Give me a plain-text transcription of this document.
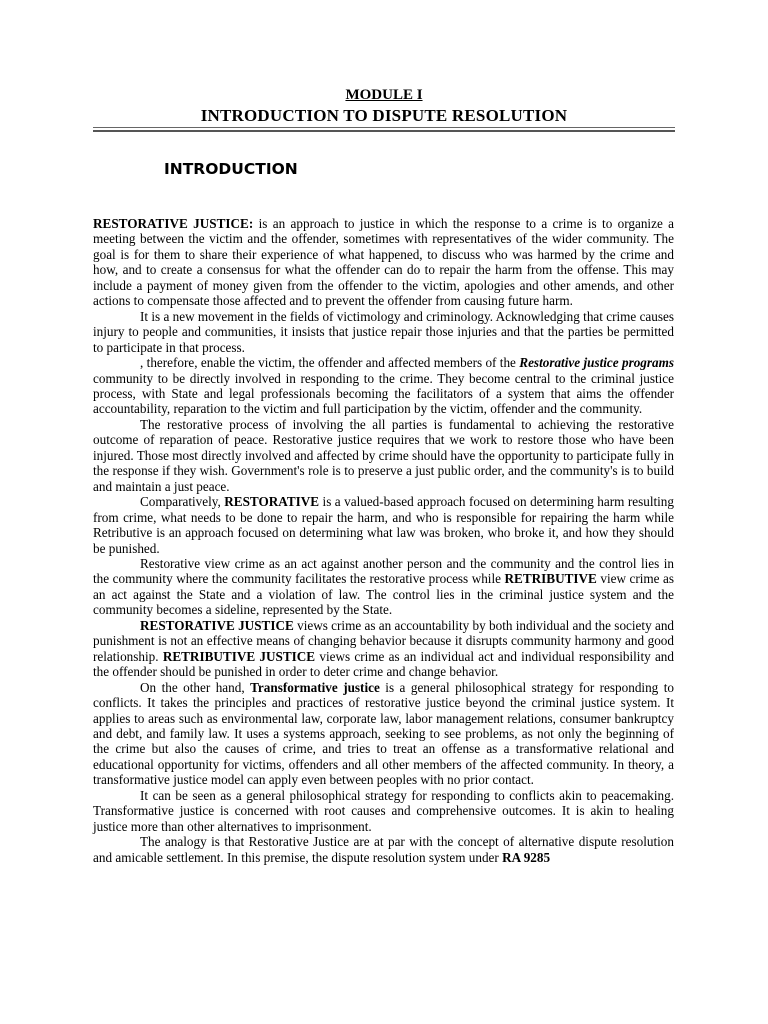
MODULE I

INTRODUCTION TO DISPUTE RESOLUTION

INTRODUCTION

RESTORATIVE JUSTICE: is an approach to justice in which the response to a crime is to organize a meeting between the victim and the offender, sometimes with representatives of the wider community. The goal is for them to share their experience of what happened, to discuss who was harmed by the crime and how, and to create a consensus for what the offender can do to repair the harm from the offense. This may include a payment of money given from the offender to the victim, apologies and other amends, and other actions to compensate those affected and to prevent the offender from causing future harm.

It is a new movement in the fields of victimology and criminology. Acknowledging that crime causes injury to people and communities, it insists that justice repair those injuries and that the parties be permitted to participate in that process.

, therefore, enable the victim, the offender and affected members of the Restorative justice programs community to be directly involved in responding to the crime. They become central to the criminal justice process, with State and legal professionals becoming the facilitators of a system that aims the offender accountability, reparation to the victim and full participation by the victim, offender and the community.

The restorative process of involving the all parties is fundamental to achieving the restorative outcome of reparation of peace. Restorative justice requires that we work to restore those who have been injured. Those most directly involved and affected by crime should have the opportunity to participate fully in the response if they wish. Government's role is to preserve a just public order, and the community's is to build and maintain a just peace.

Comparatively, RESTORATIVE is a valued-based approach focused on determining harm resulting from crime, what needs to be done to repair the harm, and who is responsible for repairing the harm while Retributive is an approach focused on determining what law was broken, who broke it, and how they should be punished.

Restorative view crime as an act against another person and the community and the control lies in the community where the community facilitates the restorative process while RETRIBUTIVE view crime as an act against the State and a violation of law. The control lies in the criminal justice system and the community becomes a sideline, represented by the State.

RESTORATIVE JUSTICE views crime as an accountability by both individual and the society and punishment is not an effective means of changing behavior because it disrupts community harmony and good relationship. RETRIBUTIVE JUSTICE views crime as an individual act and individual responsibility and the offender should be punished in order to deter crime and change behavior.

On the other hand, Transformative justice is a general philosophical strategy for responding to conflicts. It takes the principles and practices of restorative justice beyond the criminal justice system. It applies to areas such as environmental law, corporate law, labor management relations, consumer bankruptcy and debt, and family law. It uses a systems approach, seeking to see problems, as not only the beginning of the crime but also the causes of crime, and tries to treat an offense as a transformative relational and educational opportunity for victims, offenders and all other members of the affected community. In theory, a transformative justice model can apply even between peoples with no prior contact.

It can be seen as a general philosophical strategy for responding to conflicts akin to peacemaking. Transformative justice is concerned with root causes and comprehensive outcomes. It is akin to healing justice more than other alternatives to imprisonment.

The analogy is that Restorative Justice are at par with the concept of alternative dispute resolution and amicable settlement. In this premise, the dispute resolution system under RA 9285
